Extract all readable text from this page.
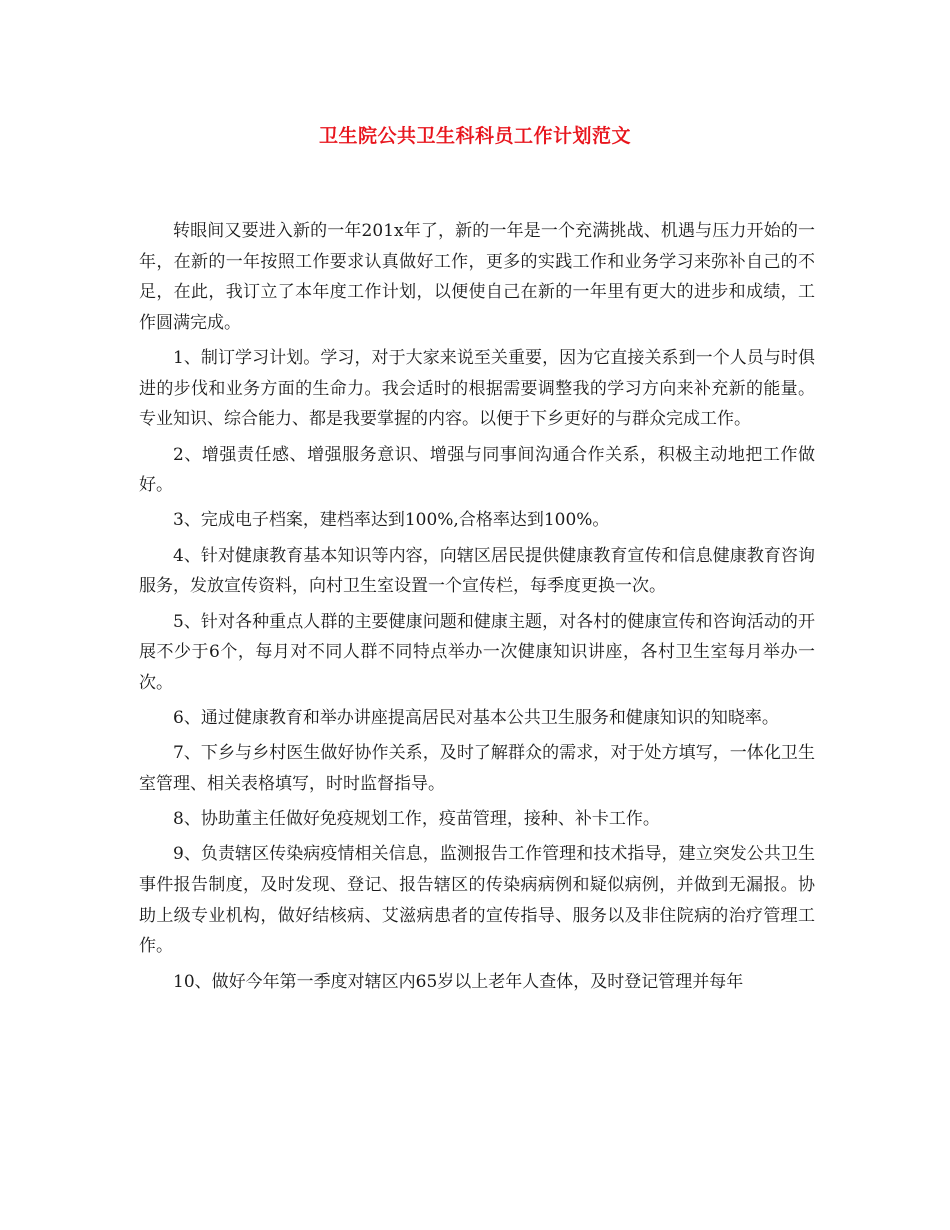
卫生院公共卫生科科员工作计划范文

转眼间又要进入新的一年201x年了，新的一年是一个充满挑战、机遇与压力开始的一年，在新的一年按照工作要求认真做好工作，更多的实践工作和业务学习来弥补自己的不足，在此，我订立了本年度工作计划，以便使自己在新的一年里有更大的进步和成绩，工作圆满完成。

1、制订学习计划。学习，对于大家来说至关重要，因为它直接关系到一个人员与时俱进的步伐和业务方面的生命力。我会适时的根据需要调整我的学习方向来补充新的能量。专业知识、综合能力、都是我要掌握的内容。以便于下乡更好的与群众完成工作。

2、增强责任感、增强服务意识、增强与同事间沟通合作关系，积极主动地把工作做好。

3、完成电子档案，建档率达到100%,合格率达到100%。

4、针对健康教育基本知识等内容，向辖区居民提供健康教育宣传和信息健康教育咨询服务，发放宣传资料，向村卫生室设置一个宣传栏，每季度更换一次。

5、针对各种重点人群的主要健康问题和健康主题，对各村的健康宣传和咨询活动的开展不少于6个，每月对不同人群不同特点举办一次健康知识讲座，各村卫生室每月举办一次。

6、通过健康教育和举办讲座提高居民对基本公共卫生服务和健康知识的知晓率。

7、下乡与乡村医生做好协作关系，及时了解群众的需求，对于处方填写，一体化卫生室管理、相关表格填写，时时监督指导。

8、协助董主任做好免疫规划工作，疫苗管理，接种、补卡工作。

9、负责辖区传染病疫情相关信息，监测报告工作管理和技术指导，建立突发公共卫生事件报告制度，及时发现、登记、报告辖区的传染病病例和疑似病例，并做到无漏报。协助上级专业机构，做好结核病、艾滋病患者的宣传指导、服务以及非住院病的治疗管理工作。

10、做好今年第一季度对辖区内65岁以上老年人查体，及时登记管理并每年
